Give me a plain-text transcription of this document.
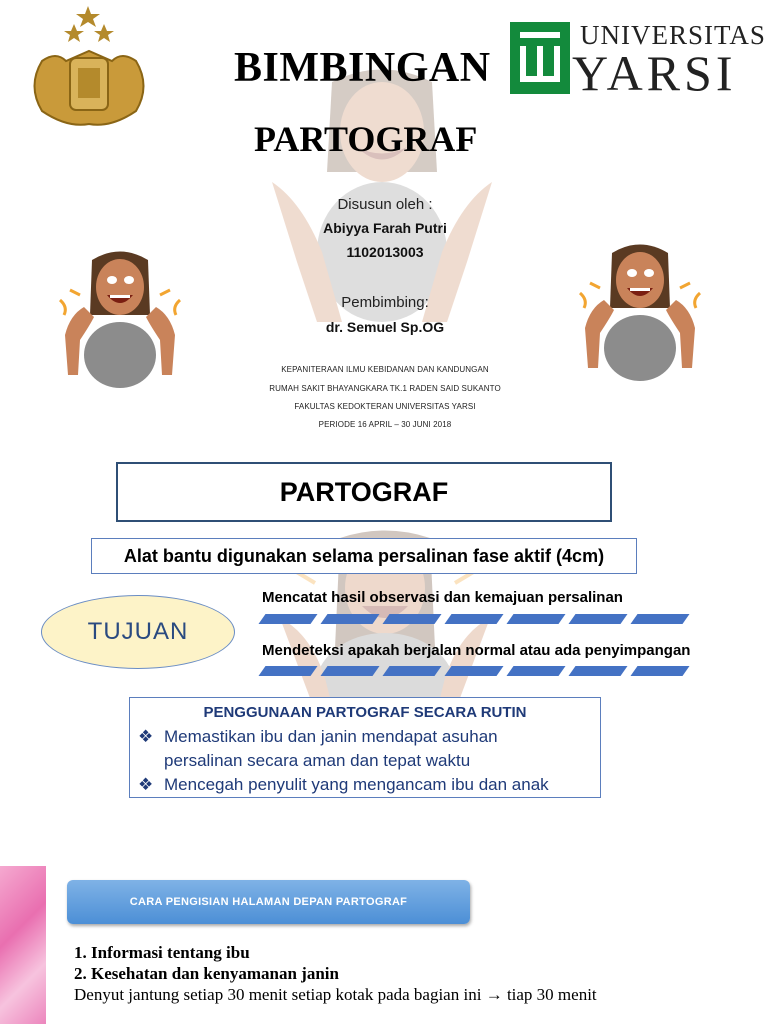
UNIVERSITAS
YARSI
BIMBINGAN
PARTOGRAF
Disusun oleh :
Abiyya Farah Putri
1102013003
Pembimbing:
dr. Semuel Sp.OG
KEPANITERAAN ILMU KEBIDANAN DAN KANDUNGAN
RUMAH SAKIT BHAYANGKARA TK.1 RADEN SAID SUKANTO
FAKULTAS KEDOKTERAN UNIVERSITAS YARSI
PERIODE 16 APRIL – 30 JUNI 2018
PARTOGRAF
Alat bantu digunakan selama persalinan fase aktif (4cm)
TUJUAN
Mencatat hasil observasi dan kemajuan persalinan
Mendeteksi apakah berjalan normal atau ada penyimpangan
PENGGUNAAN PARTOGRAF SECARA RUTIN
❖ Memastikan ibu dan janin mendapat asuhan
persalinan secara aman dan tepat waktu
❖ Mencegah penyulit yang mengancam ibu dan anak
CARA PENGISIAN HALAMAN DEPAN PARTOGRAF
1. Informasi tentang ibu
2. Kesehatan dan kenyamanan janin
Denyut jantung setiap 30 menit setiap kotak pada bagian ini → tiap 30 menit
